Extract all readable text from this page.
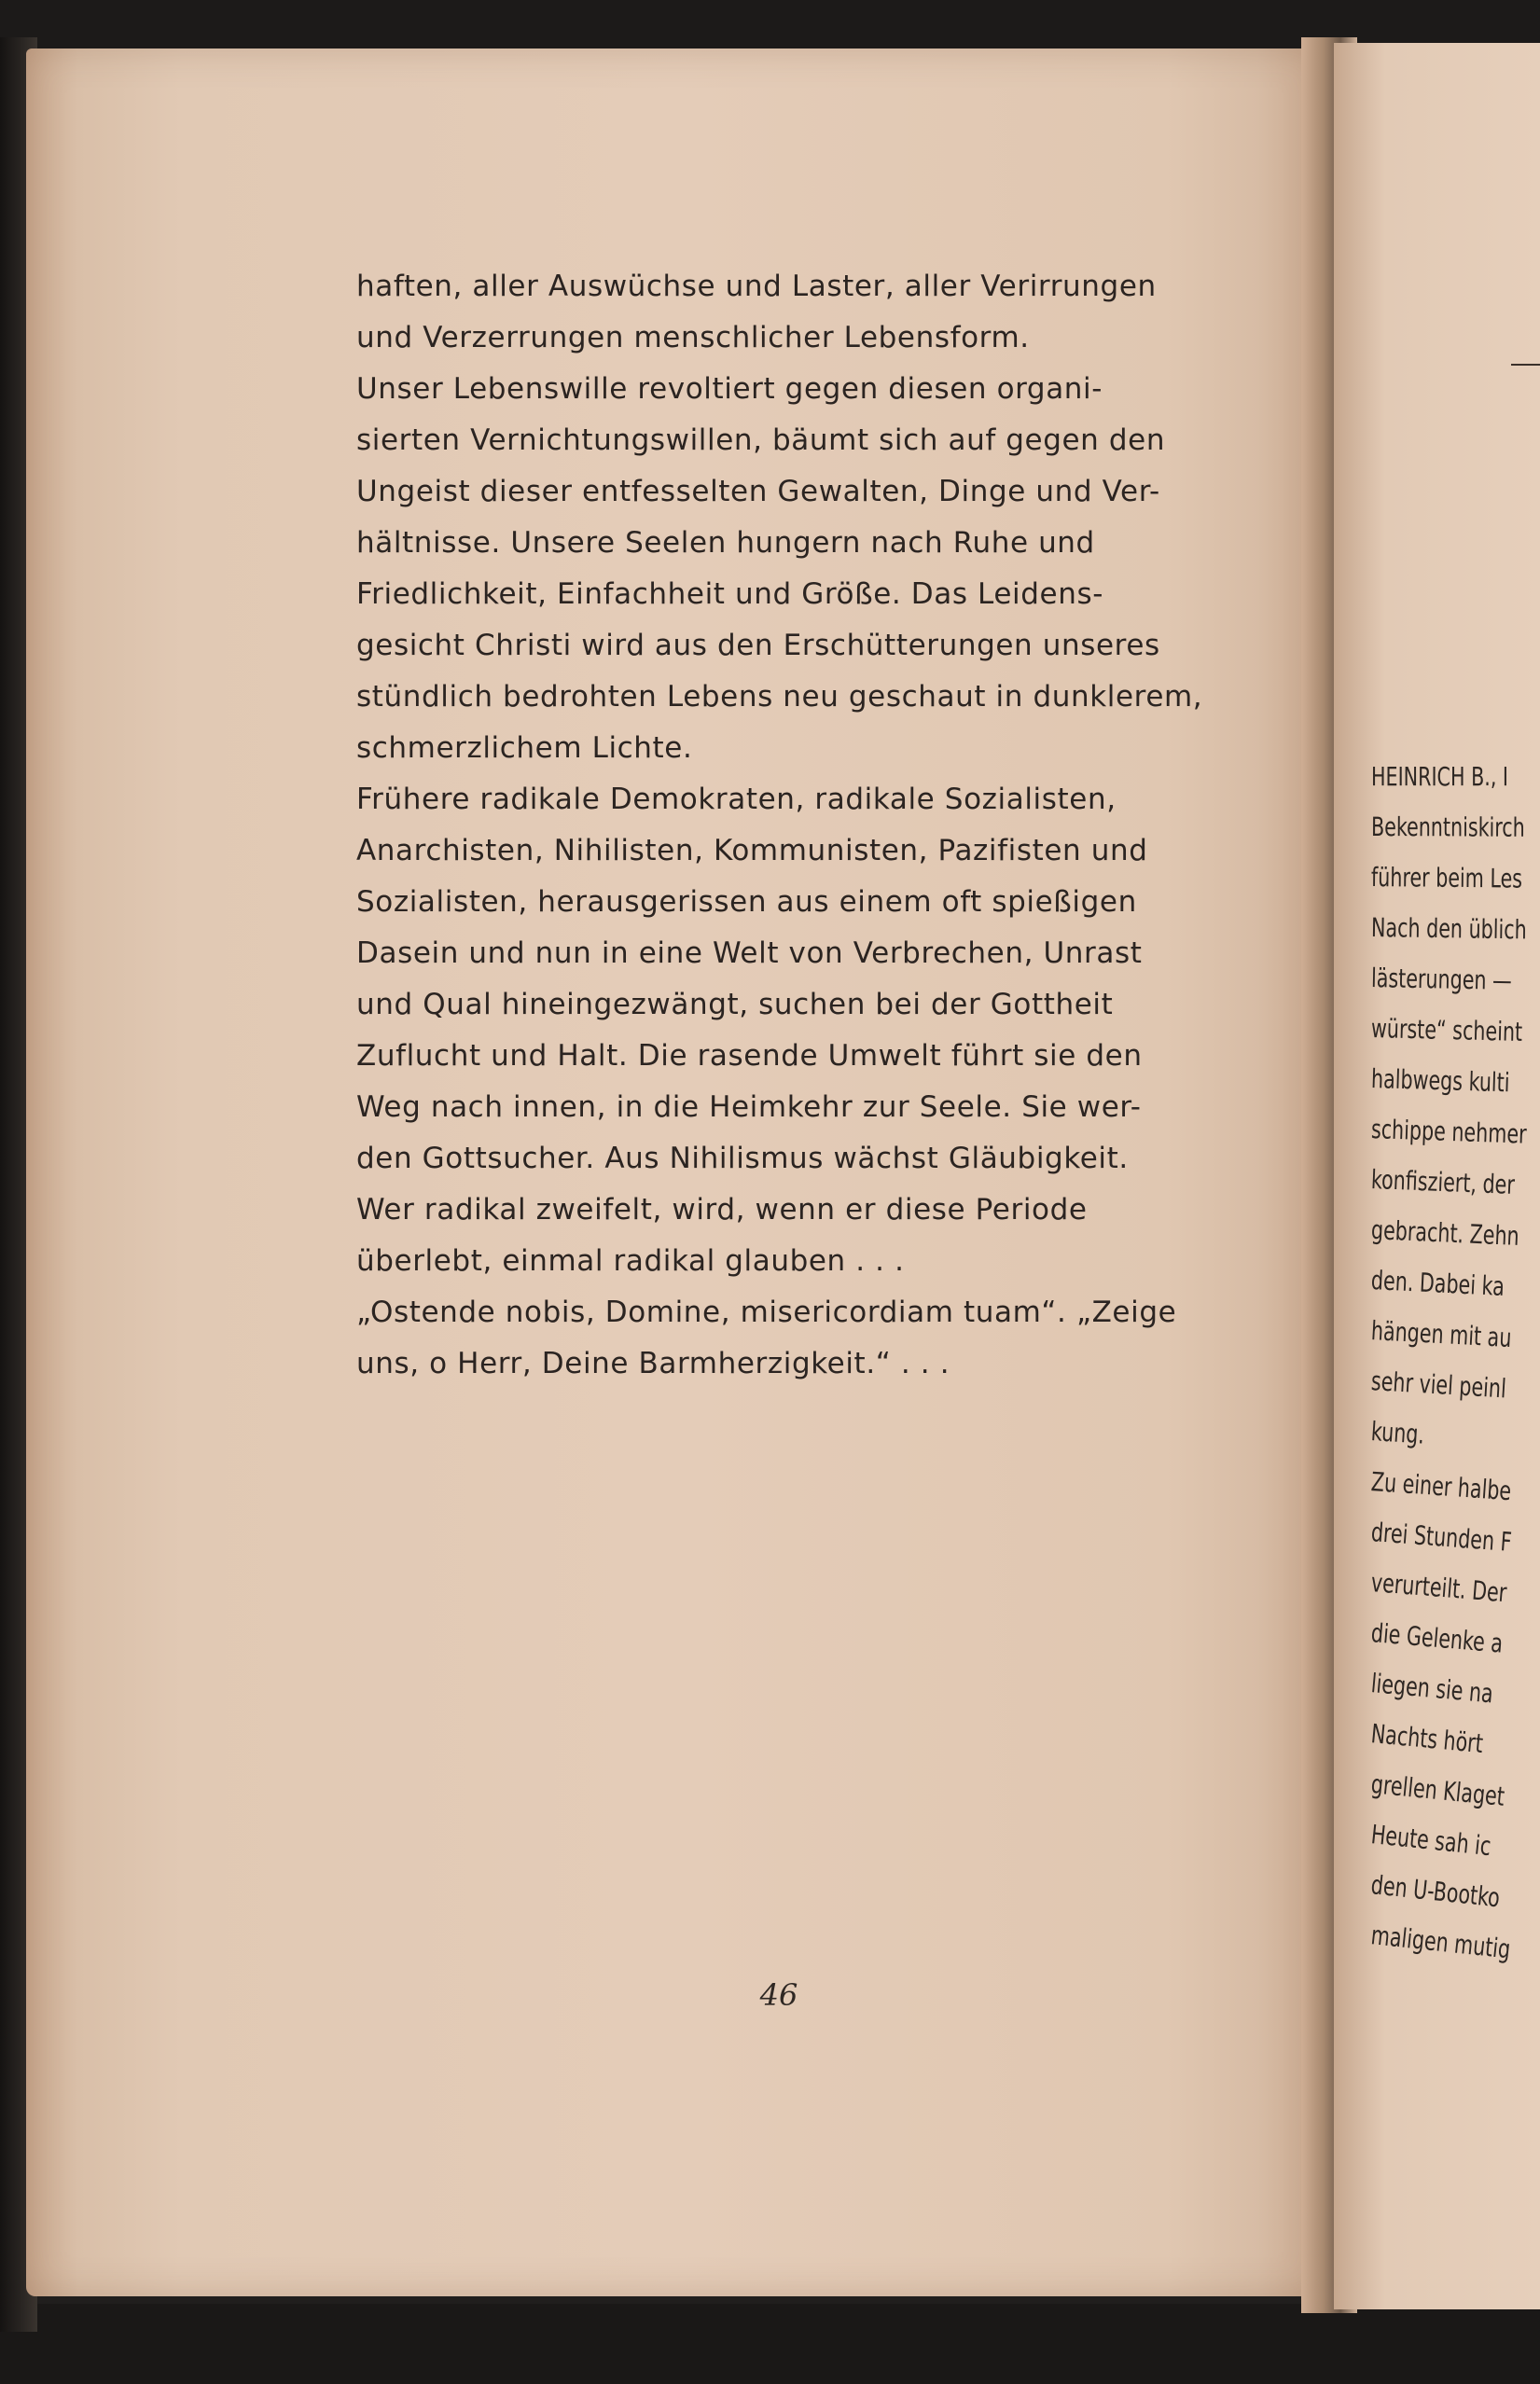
haften, aller Auswüchse und Laster, aller Verirrungen
und Verzerrungen menschlicher Lebensform.

Unser Lebenswille revoltiert gegen diesen organi-
sierten Vernichtungswillen, bäumt sich auf gegen den
Ungeist dieser entfesselten Gewalten, Dinge und Ver-
hältnisse. Unsere Seelen hungern nach Ruhe und
Friedlichkeit, Einfachheit und Größe. Das Leidens-
gesicht Christi wird aus den Erschütterungen unseres
stündlich bedrohten Lebens neu geschaut in dunklerem,
schmerzlichem Lichte.

Frühere radikale Demokraten, radikale Sozialisten,
Anarchisten, Nihilisten, Kommunisten, Pazifisten und
Sozialisten, herausgerissen aus einem oft spießigen
Dasein und nun in eine Welt von Verbrechen, Unrast
und Qual hineingezwängt, suchen bei der Gottheit
Zuflucht und Halt. Die rasende Umwelt führt sie den
Weg nach innen, in die Heimkehr zur Seele. Sie wer-
den Gottsucher. Aus Nihilismus wächst Gläubigkeit.
Wer radikal zweifelt, wird, wenn er diese Periode
überlebt, einmal radikal glauben . . .

„Ostende nobis, Domine, misericordiam tuam“. „Zeige
uns, o Herr, Deine Barmherzigkeit.“ . . .

46
HEINRICH B., I
Bekenntniskirch
führer beim Les
Nach den üblich
lästerungen —
würste“ scheint
halbwegs kulti
schippe nehmer
konfisziert, der
gebracht. Zehn
den. Dabei ka
hängen mit au
sehr viel peinl
kung.
Zu einer halbe
drei Stunden F
verurteilt. Der
die Gelenke a
liegen sie na
Nachts hört
grellen Klaget
Heute sah ic
den U-Bootko
maligen mutig
